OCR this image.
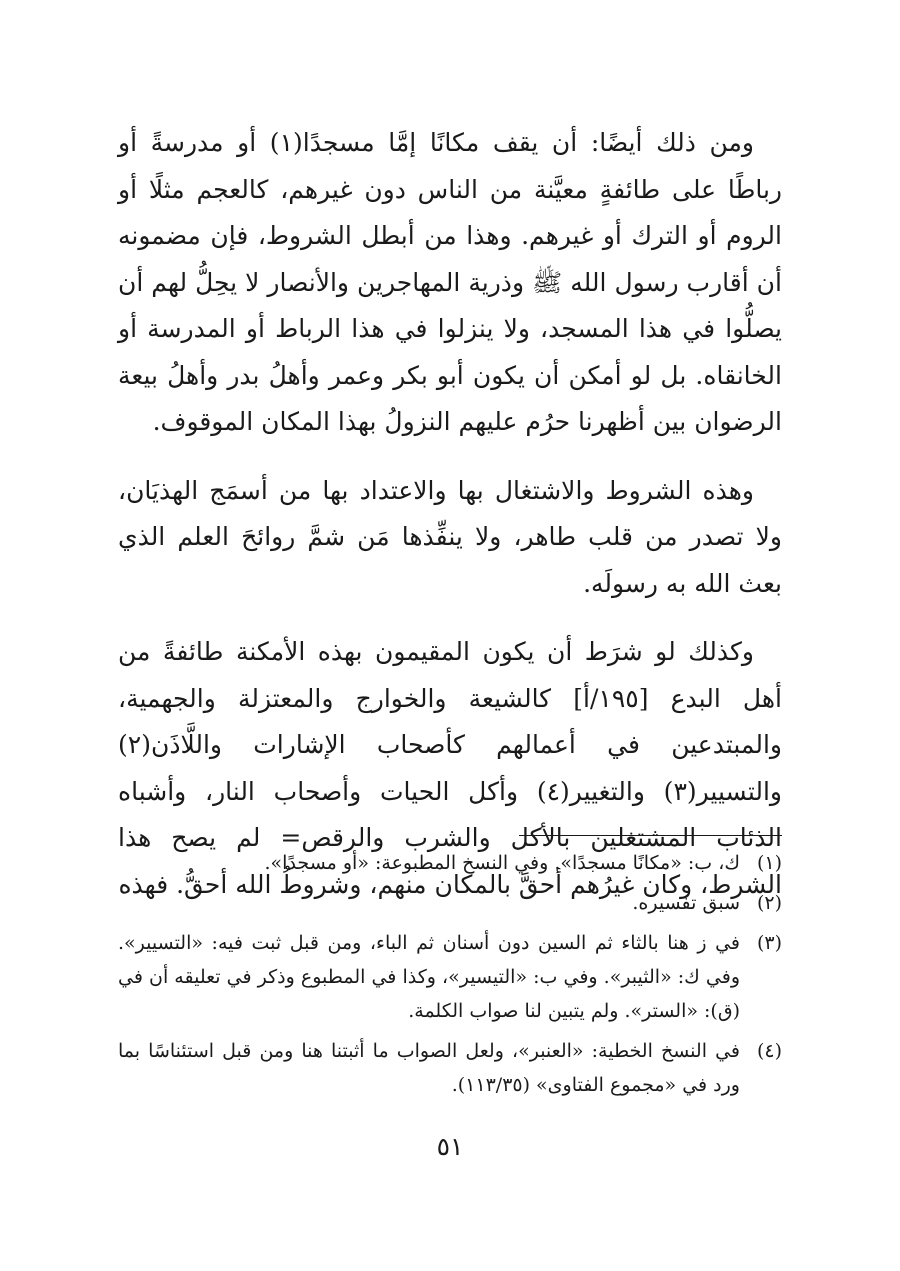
ومن ذلك أيضًا: أن يقف مكانًا إمَّا مسجدًا(١) أو مدرسةً أو رباطًا على طائفةٍ معيَّنة من الناس دون غيرهم، كالعجم مثلًا أو الروم أو الترك أو غيرهم. وهذا من أبطل الشروط، فإن مضمونه أن أقارب رسول الله ﷺ وذرية المهاجرين والأنصار لا يحِلُّ لهم أن يصلُّوا في هذا المسجد، ولا ينزلوا في هذا الرباط أو المدرسة أو الخانقاه. بل لو أمكن أن يكون أبو بكر وعمر وأهلُ بدر وأهلُ بيعة الرضوان بين أظهرنا حرُم عليهم النزولُ بهذا المكان الموقوف.

وهذه الشروط والاشتغال بها والاعتداد بها من أسمَج الهذيَان، ولا تصدر من قلب طاهر، ولا ينفِّذها مَن شمَّ روائحَ العلم الذي بعث الله به رسولَه.

وكذلك لو شرَط أن يكون المقيمون بهذه الأمكنة طائفةً من أهل البدع [١٩٥/أ] كالشيعة والخوارج والمعتزلة والجهمية، والمبتدعين في أعمالهم كأصحاب الإشارات واللَّاذَن(٢) والتسيير(٣) والتغيير(٤) وأكل الحيات وأصحاب النار، وأشباه الذئاب المشتغلين بالأكل والشرب والرقص= لم يصح هذا الشرط، وكان غيرُهم أحقَّ بالمكان منهم، وشروطُ الله أحقُّ. فهذه

(١)
ك، ب: «مكانًا مسجدًا». وفي النسخ المطبوعة: «أو مسجدًا».
(٢)
سبق تفسيره.
(٣)
في ز هنا بالثاء ثم السين دون أسنان ثم الباء، ومن قبل ثبت فيه: «التسيير». وفي ك: «الثيبر». وفي ب: «التيسير»، وكذا في المطبوع وذكر في تعليقه أن في (ق): «الستر». ولم يتبين لنا صواب الكلمة.
(٤)
في النسخ الخطية: «العنبر»، ولعل الصواب ما أثبتنا هنا ومن قبل استئناسًا بما ورد في «مجموع الفتاوى» (١١٣/٣٥).
٥١
